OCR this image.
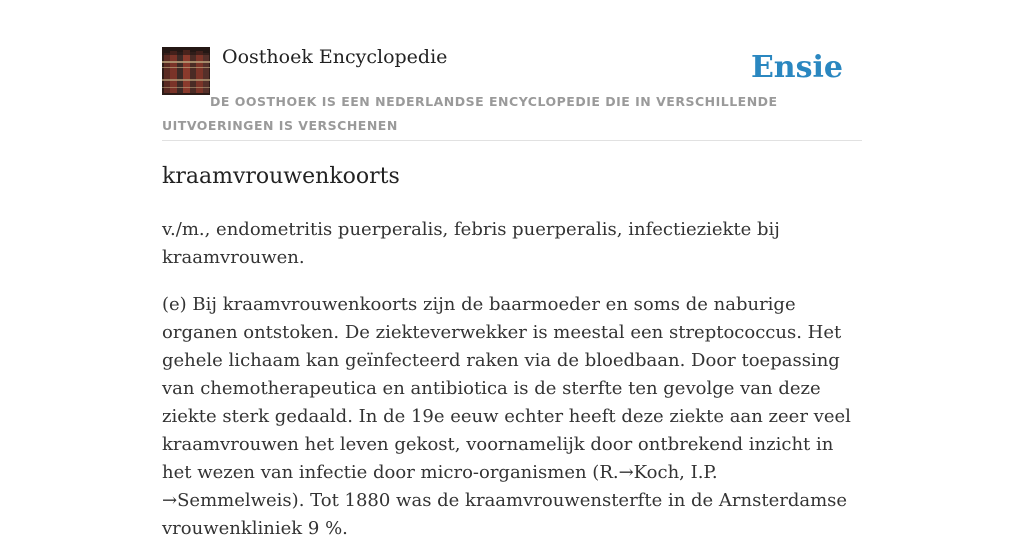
Oosthoek Encyclopedie	Ensie
DE OOSTHOEK IS EEN NEDERLANDSE ENCYCLOPEDIE DIE IN VERSCHILLENDE UITVOERINGEN IS VERSCHENEN
kraamvrouwenkoorts

v./m., endometritis puerperalis, febris puerperalis, infectieziekte bij kraamvrouwen.

(e) Bij kraamvrouwenkoorts zijn de baarmoeder en soms de naburige organen ontstoken. De ziekteverwekker is meestal een streptococcus. Het gehele lichaam kan geïnfecteerd raken via de bloedbaan. Door toepassing van chemotherapeutica en antibiotica is de sterfte ten gevolge van deze ziekte sterk gedaald. In de 19e eeuw echter heeft deze ziekte aan zeer veel kraamvrouwen het leven gekost, voornamelijk door ontbrekend inzicht in het wezen van infectie door micro-organismen (R.→Koch, I.P. →Semmelweis). Tot 1880 was de kraamvrouwensterfte in de Arnsterdamse vrouwenkliniek 9 %.
